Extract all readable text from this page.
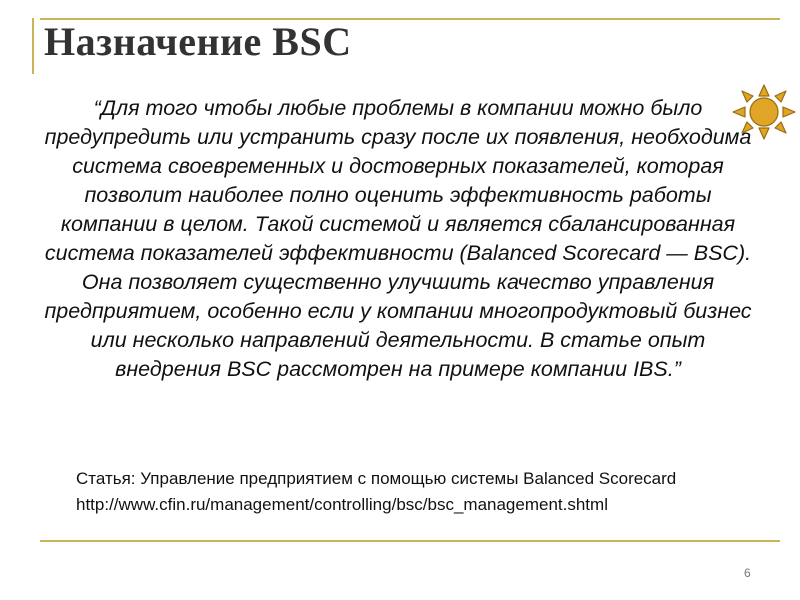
Назначение BSC
“Для того чтобы любые проблемы в компании можно было предупредить или устранить сразу после их появления, необходима система своевременных и достоверных показателей, которая позволит наиболее полно оценить эффективность работы компании в целом. Такой системой и является сбалансированная система показателей эффективности (Balanced Scorecard — BSC). Она позволяет существенно улучшить качество управления предприятием, особенно если у компании многопродуктовый бизнес или несколько направлений деятельности. В статье опыт внедрения BSC рассмотрен на примере компании IBS.”
Статья: Управление предприятием с помощью системы Balanced Scorecard
http://www.cfin.ru/management/controlling/bsc/bsc_management.shtml
6
